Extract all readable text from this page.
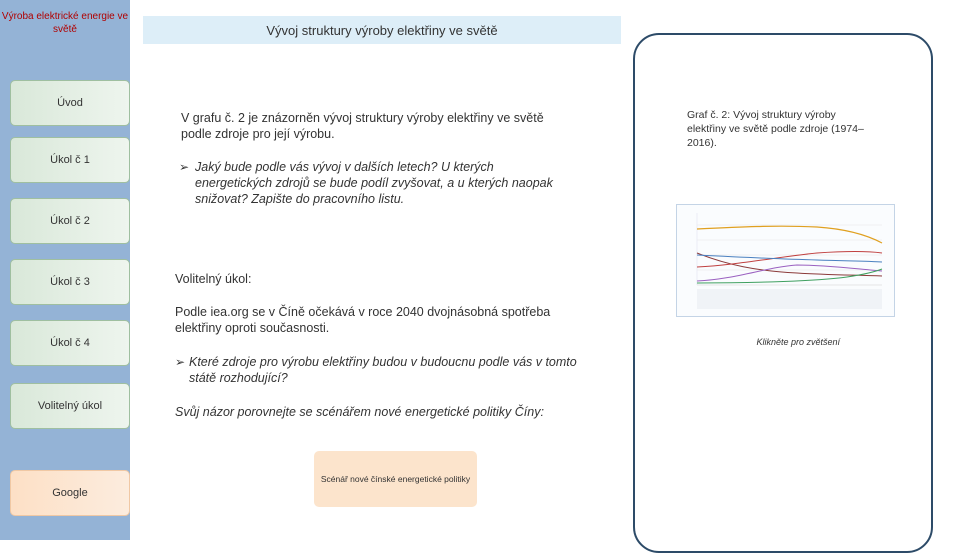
Výroba elektrické energie ve světě
Úvod
Úkol č 1
Úkol č 2
Úkol č 3
Úkol č 4
Volitelný úkol
Google
Vývoj struktury výroby elektřiny ve světě
V grafu č. 2 je znázorněn vývoj struktury výroby elektřiny ve světě podle zdroje pro její výrobu.
➢ Jaký bude podle vás vývoj v dalších letech? U kterých energetických zdrojů se bude podíl zvyšovat, a u kterých naopak snižovat? Zapište do pracovního listu.
Volitelný úkol:
Podle iea.org se v Číně očekává v roce 2040 dvojnásobná spotřeba elektřiny oproti současnosti.
➢ Které zdroje pro výrobu elektřiny budou v budoucnu podle vás v tomto státě rozhodující?
Svůj názor porovnejte se scénářem nové energetické politiky Číny:
Scénář nové čínské energetické politiky
Graf č. 2: Vývoj struktury výroby elektřiny ve světě podle zdroje (1974–2016).
Klikněte pro zvětšení
